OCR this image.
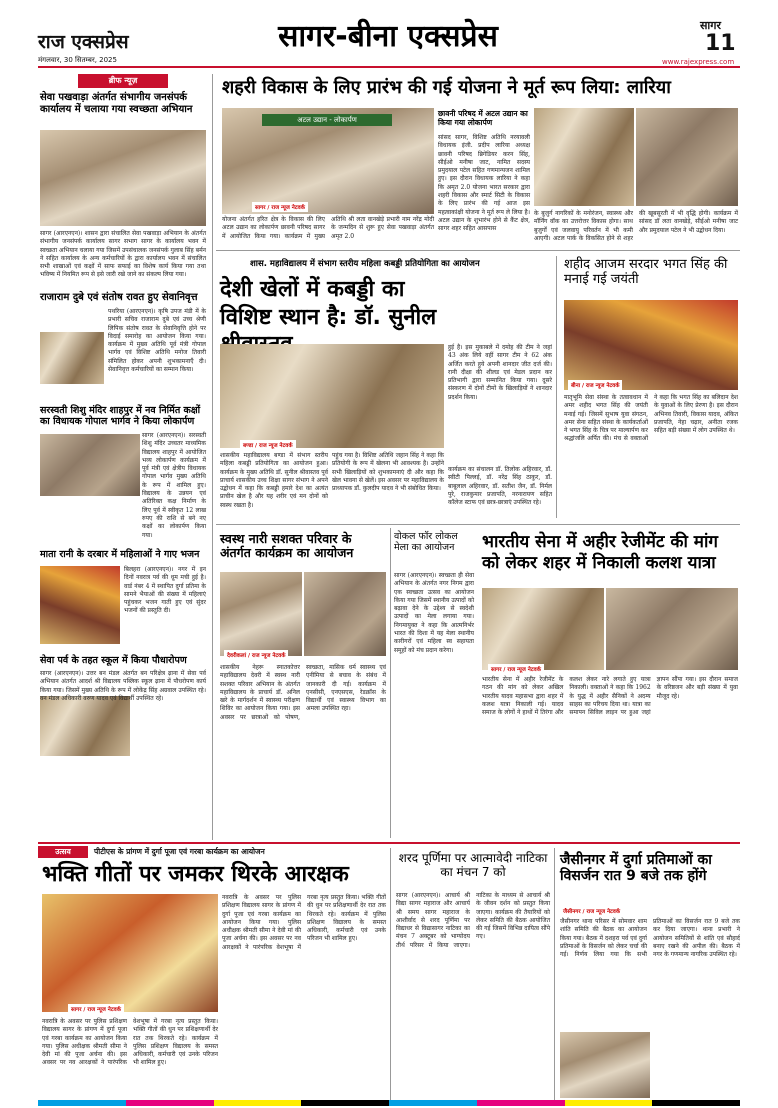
राज एक्सप्रेस
मंगलवार, 30 सितम्बर, 2025
सागर-बीना एक्सप्रेस	सागर
11
www.rajexpress.com
ब्रीफ न्यूज़
सेवा पखवाड़ा अंतर्गत संभागीय जनसंपर्क कार्यालय में चलाया गया स्वच्छता अभियान
सागर (आरएनएन)। शासन द्वारा संचालित सेवा पखवाड़ा अभियान के अंतर्गत संभागीय जनसंपर्क कार्यालय सागर सभाग सागर के कार्यालय भवन में स्वच्छता अभियान चलाया गया जिसमें उपसंचालक जनसंपर्क गुलाब सिंह बर्मन ने सहित कार्यालय के अन्य कर्मचारियों के द्वारा कार्यालय भवन में संचालित सभी शाखाओं एवं कक्षों में साफ सफाई का विशेष कार्य किया गया तथा भविष्य में नियमित रूप से इसे जारी रखे जाने का संकल्प लिया गया।
राजाराम दुबे एवं संतोष रावत हुए सेवानिवृत्त
पथरिया (आरएनएन)। कृषि उपज मंडी में के प्रभारी सचिव राजाराम दुबे एवं उच्च श्रेणी लिपिक संतोष रावत के सेवानिवृत्ति होने पर विदाई समारोह का आयोजन किया गया। कार्यक्रम में मुख्य अतिथि पूर्व मंत्री गोपाल भार्गव एवं विशिष्ट अतिथि मनोज तिवारी संमिलित होकर अपनी शुभकामनाएँ दी। सेवानिवृत्त कर्मचारियों का सम्मान किया।
सरस्वती शिशु मंदिर शाहपुर में नव निर्मित कक्षों का विधायक गोपाल भार्गव ने किया लोकार्पण
सागर (आरएनएन)। सरस्वती शिशु मंदिर उच्चतर माध्यमिक विद्यालय शाहपुर में आयोजित भव्य लोकार्पण कार्यक्रम में पूर्व मंत्री एवं क्षेत्रीय विधायक गोपाल भार्गव मुख्य अतिथि के रूप में शामिल हुए। विद्यालय के उन्नयन एवं अतिरिक्त कक्ष निर्माण के लिए पूर्व में स्वीकृत 12 लाख रुपए की राशि से बने नए कक्षों का लोकार्पण किया गया।
माता रानी के दरबार में महिलाओं ने गाए भजन
बिलहरा (आरएनएन)। नगर में इन दिनों नवरात्र पर्व की धूम मची हुई है। वार्ड नंबर 4 में स्थापित दुर्गा प्रतिमा के सामने भैयाओं की संख्या में महिलाएं पहुंचकर भजन गाती हुए एवं सुंदर भजनों की प्रस्तुति दी।
सेवा पर्व के तहत स्कूल में किया पौधारोपण
सागर (आरएनएन)। उत्तर बन मंडल अंतर्गत बन परिक्षेत्र ढ़ाना में सेवा पर्व अभियान अंतर्गत आदर्श श्री विद्यालय पब्लिक स्कूल ढ़ाना में पौधरोपण कार्य किया गया। जिसमें मुख्य अतिथि के रूप में लोकेंद्र सिंह अग्रवाल उपस्थित रहे। वन मंडल अधिकारी वरुण यादव एवं विद्यार्थी उपस्थित रहे।
शहरी विकास के लिए प्रारंभ की गई योजना ने मूर्त रूप लिया: लारिया
अटल उद्यान - लोकार्पण
सागर / राज न्यूज नेटवर्क
योजना अंतर्गत हरित क्षेत्र के विकास की लिए अटल उद्यान का लोकार्पण छावनी परिषद सागर में आयोजित किया गया। कार्यक्रम में मुख्य अतिथि श्री लता वानखेड़े प्रभारी नाम नरेंद्र मोदी के जन्मदिन से शुरू हुए सेवा पखवाड़ा अंतर्गत अमृत 2.0
छावनी परिषद में अटल उद्यान का किया गया लोकार्पण
सांसद सागर, विशिष्ट अतिथि नरयावली विधायक इंजी. प्रदीप लारिया अध्यक्ष छावनी परिषद ब्रिगेडियर करन सिंह, सीईओ मनीषा जाट, नामित सदस्य प्रमुदयाल पटेल सहित गणमान्यजन शामिल हुए। इस दौरान विधायक लारिया ने कहा कि अमृत 2.0 योजना भारत सरकार द्वारा शहरी विकास और स्मार्ट सिटी के विकास के लिए प्रारंभ की गई आज इस महत्वाकांक्षी योजना ने मूर्त रूप ले लिया है। अटल उद्यान के शुभारंभ होने से कैंट क्षेत्र, सागर शहर सहित आसपास
के बुजुर्ग नागरिकों के मनोरंजन, स्वास्थ्य और मॉर्निंग वॉक का उत्तरोत्तर विकास होगा। साथ बुजुर्गों एवं जलवायु परिवर्तन में भी कमी आएगी। अटल पार्क के विकसित होने से शहर की खूबसूरती में भी वृद्धि होगी। कार्यक्रम में सांसद डॉ लता वानखेड़े, सीईओ मनीषा जाट और प्रमुदयाल पटेल ने भी उद्बोधन दिया।
शास. महाविद्यालय में संभाग स्तरीय महिला कबड्डी प्रतियोगिता का आयोजन
देशी खेलों में कबड्डी का विशिष्ट स्थान है: डॉ. सुनील
बण्डा / राज न्यूज नेटवर्क
शासकीय महाविद्यालय बण्डा में संभाग स्तरीय महिला कबड्डी प्रतियोगिता का आयोजन हुआ। कार्यक्रम के मुख्य अतिथि डॉ. सुनील श्रीवास्तव पूर्व प्राचार्य शासकीय उच्च शिक्षा सागर संभाग ने अपने उद्बोधन में कहा कि कबड्डी हमारे देश का अत्यंत प्राचीन खेल है और यह शरीर एवं मन दोनों को स्वस्थ रखता है।
पहुंच गया है। विशिष्ट अतिथि जहान सिंह ने कहा कि प्रतियोगी के रूप में खेलना भी आवश्यक है। उन्होंने सभी खिलाड़ियों को शुभकामनाएं दी और कहा कि खेल भावना से खेलें। इस अवसर पर महाविद्यालय के प्राध्यापक डॉ. कुलदीप यादव ने भी संबोधित किया।
हुई है। इस मुकाबले में दमोह की टीम ने जहां 43 अंक लिये वहीं सागर टीम ने 62 अंक अर्जित करते हुये अपनी शानदार जीत दर्ज की। रानी दीक्षा की शीलड एवं मेडल प्रदान कर प्रतिभागी द्वारा सम्मानित किया गया। दूसरे संस्करण में दोनों टीमों के खिलाड़ियों ने शानदार प्रदर्शन किया।
कार्यक्रम का संचालन डॉ. तिलोक अहिरवार, डॉ. स्वीटी पिल्लई, डॉ. नरेंद्र सिंह ठाकुर, डॉ. बाबूलाल अहिरवार, डॉ. सतीश जैन, डॉ. निर्मल पुरे, राजकुमार प्रजापति, नरनारायण सहित कॉलेज स्टाफ एवं छात्र-छात्राएं उपस्थित रहे।
शहीद आजम सरदार भगत सिंह की मनाई गई जयंती
बीना / राज न्यूज नेटवर्क
मातृभूमि सेवा संस्था के तत्वावधान में अमर शहीद भगत सिंह की जयंती मनाई गई। जिसमें सुभाष युवा संगठन, अमर सेना सहित संस्था के कार्यकर्ताओं ने भगत सिंह के चित्र पर माल्यार्पण कर श्रद्धांजलि अर्पित की। मंच से वक्ताओं ने कहा कि भगत सिंह का बलिदान देश के युवाओं के लिए प्रेरणा है। इस दौरान अभिनव तिवारी, विकास यादव, अंकित प्रजापति, नेहा चढ़ार, अनीता रजक सहित बड़ी संख्या में लोग उपस्थित थे।
स्वस्थ नारी सशक्त परिवार के अंतर्गत कार्यक्रम का आयोजन
देवरीकलां / राज न्यूज नेटवर्क
शासकीय नेहरू स्नातकोत्तर महाविद्यालय देवरी में स्वस्थ नारी सशक्त परिवार अभियान के अंतर्गत महाविद्यालय के प्राचार्य डॉ. अनिल खरे के मार्गदर्शन में स्वास्थ्य परीक्षण शिविर का आयोजन किया गया। इस अवसर पर छात्राओं को पोषण, स्वच्छता, मासिक धर्म स्वास्थ्य एवं एनीमिया से बचाव के संबंध में जानकारी दी गई। कार्यक्रम में एनसीसी, एनएसएस, रेडक्रॉस के विद्यार्थी एवं स्वास्थ्य विभाग का अमला उपस्थित रहा।
वोकल फॉर लोकल मेला का आयोजन
सागर (आरएनएन)। स्वच्छता ही सेवा अभियान के अंतर्गत नगर निगम द्वारा एक स्वच्छता उत्सव का आयोजन किया गया जिसमें स्थानीय उत्पादों को बढ़ावा देने के उद्देश्य से स्वदेशी उत्पादों का मेला लगाया गया। निगमायुक्त ने कहा कि आत्मनिर्भर भारत की दिशा में यह मेला स्थानीय कारीगरों एवं महिला स्व सहायता समूहों को मंच प्रदान करेगा।
भारतीय सेना में अहीर रेजीमेंट की मांग को लेकर शहर में निकाली कलश यात्रा
सागर / राज न्यूज नेटवर्क
भारतीय सेना में अहीर रेजीमेंट के गठन की मांग को लेकर अखिल भारतीय यादव महासभा द्वारा शहर में कलश यात्रा निकाली गई। यादव समाज के लोगों ने हाथों में तिरंगा और कलश लेकर नारे लगाते हुए यात्रा निकाली। वक्ताओं ने कहा कि 1962 के युद्ध में अहीर सैनिकों ने अदम्य साहस का परिचय दिया था। यात्रा का समापन सिविल लाइन पर हुआ जहां ज्ञापन सौंपा गया। इस दौरान समाज के वरिष्ठजन और बड़ी संख्या में युवा मौजूद रहे।
उत्सव	पीटीएस के प्रांगण में दुर्गा पूजा एवं गरबा कार्यक्रम का आयोजन
भक्ति गीतों पर जमकर थिरके आरक्षक
सागर / राज न्यूज नेटवर्क
नवरात्रि के अवसर पर पुलिस प्रशिक्षण विद्यालय सागर के प्रांगण में दुर्गा पूजा एवं गरबा कार्यक्रम का आयोजन किया गया। पुलिस अधीक्षक श्रीमती सीमा ने देवी मां की पूजा अर्चना की। इस अवसर पर नव आरक्षकों ने पारंपरिक वेशभूषा में गरबा नृत्य प्रस्तुत किया। भक्ति गीतों की धुन पर प्रशिक्षणार्थी देर रात तक थिरकते रहे। कार्यक्रम में पुलिस प्रशिक्षण विद्यालय के समस्त अधिकारी, कर्मचारी एवं उनके परिजन भी शामिल हुए।
नवरात्रि के अवसर पर पुलिस प्रशिक्षण विद्यालय सागर के प्रांगण में दुर्गा पूजा एवं गरबा कार्यक्रम का आयोजन किया गया। पुलिस अधीक्षक श्रीमती सीमा ने देवी मां की पूजा अर्चना की। इस अवसर पर नव आरक्षकों ने पारंपरिक वेशभूषा में गरबा नृत्य प्रस्तुत किया। भक्ति गीतों की धुन पर प्रशिक्षणार्थी देर रात तक थिरकते रहे। कार्यक्रम में पुलिस प्रशिक्षण विद्यालय के समस्त अधिकारी, कर्मचारी एवं उनके परिजन भी शामिल हुए।
शरद पूर्णिमा पर आत्मावेदी नाटिका का मंचन 7 को
सागर (आरएनएन)। आचार्य श्री विद्या सागर महाराज और आचार्य श्री समय सागर महाराज के आशीर्वाद से शरद पूर्णिमा पर विद्याधर से विद्यासागर नाटिका का मंचन 7 अक्टूबर को भाग्योदय तीर्थ परिसर में किया जाएगा। नाटिका के माध्यम से आचार्य श्री के जीवन दर्शन को प्रस्तुत किया जाएगा। कार्यक्रम की तैयारियों को लेकर समिति की बैठक आयोजित की गई जिसमें विभिन्न दायित्व सौंपे गए।
जैसीनगर में दुर्गा प्रतिमाओं का विसर्जन रात 9 बजे तक होंगे
जैसीनगर / राज न्यूज नेटवर्क
जैसीनगर थाना परिसर में सोमवार शाम शांति समिति की बैठक का आयोजन किया गया। बैठक में दशहरा पर्व एवं दुर्गा प्रतिमाओं के विसर्जन को लेकर चर्चा की गई। निर्णय लिया गया कि सभी प्रतिमाओं का विसर्जन रात 9 बजे तक कर दिया जाएगा। थाना प्रभारी ने आयोजन समितियों से शांति एवं सौहार्द बनाए रखने की अपील की। बैठक में नगर के गणमान्य नागरिक उपस्थित रहे।
